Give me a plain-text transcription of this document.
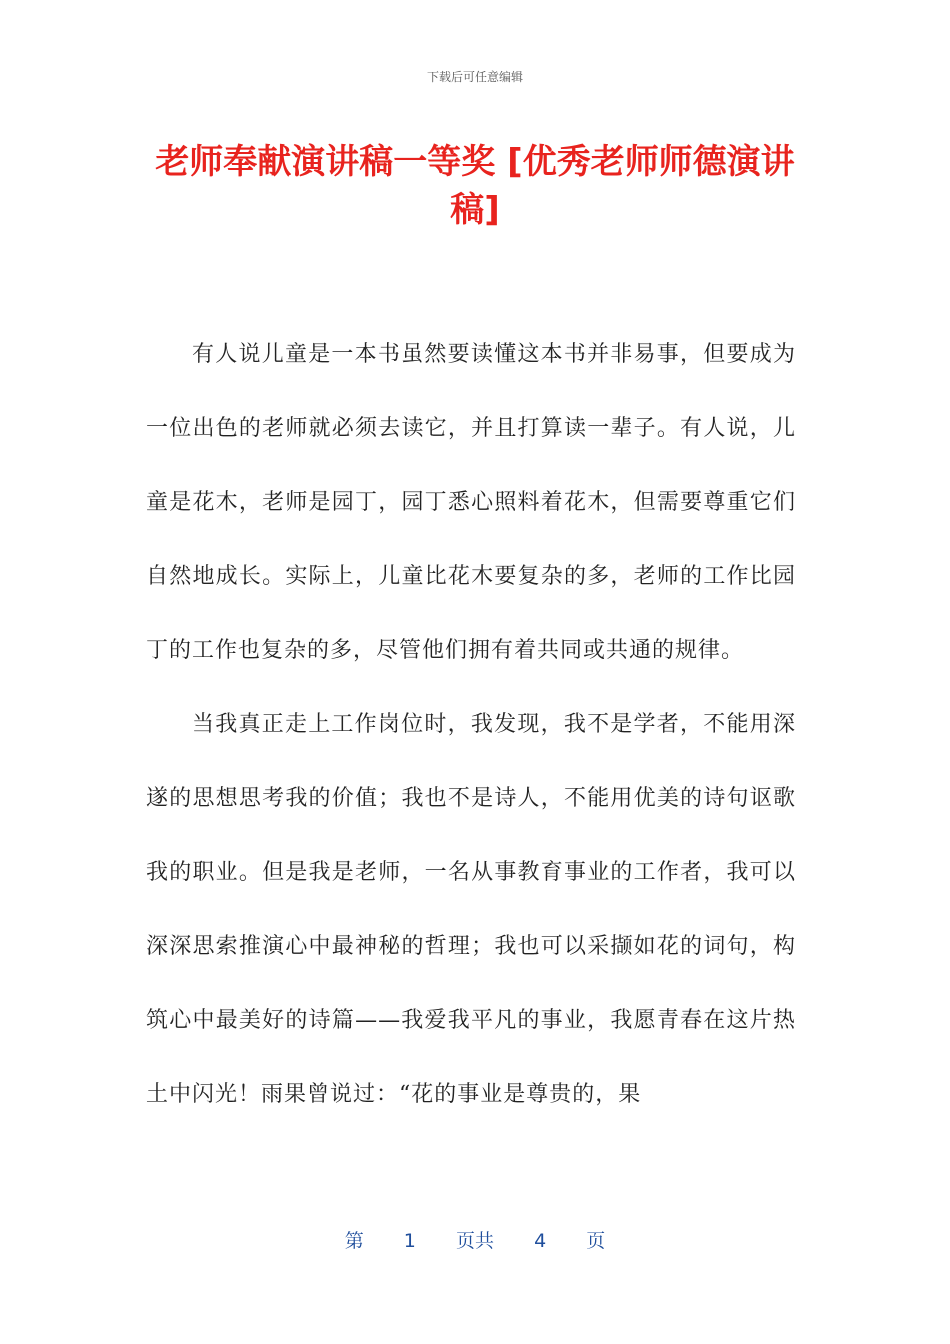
下载后可任意编辑
老师奉献演讲稿一等奖 [优秀老师师德演讲稿]

有人说儿童是一本书虽然要读懂这本书并非易事，但要成为一位出色的老师就必须去读它，并且打算读一辈子。有人说，儿童是花木，老师是园丁，园丁悉心照料着花木，但需要尊重它们自然地成长。实际上，儿童比花木要复杂的多，老师的工作比园丁的工作也复杂的多，尽管他们拥有着共同或共通的规律。

当我真正走上工作岗位时，我发现，我不是学者，不能用深遂的思想思考我的价值；我也不是诗人，不能用优美的诗句讴歌我的职业。但是我是老师，一名从事教育事业的工作者，我可以深深思索推演心中最神秘的哲理；我也可以采撷如花的词句，构筑心中最美好的诗篇——我爱我平凡的事业，我愿青春在这片热土中闪光！雨果曾说过：“花的事业是尊贵的，果

第 1 页共 4 页
